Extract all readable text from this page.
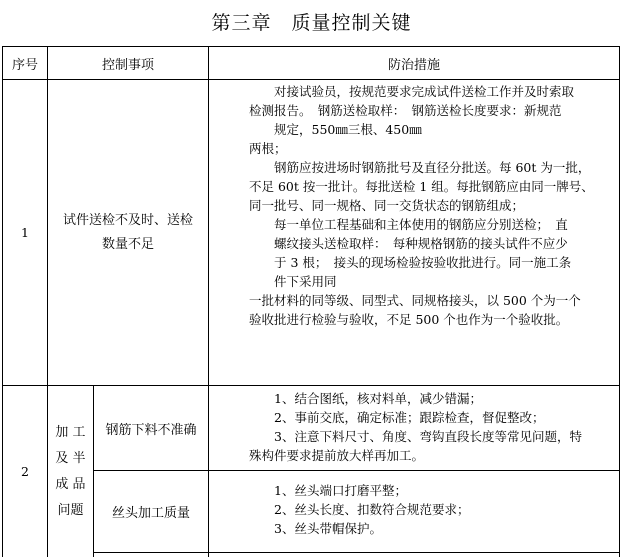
第三章　质量控制关键
序号	控制事项	防治措施
1
试件送检不及时、送检
数量不足
　　对接试验员，按规范要求完成试件送检工作并及时索取
检测报告。　钢筋送检取样：　钢筋送检长度要求：新规范
　　规定，550㎜三根、450㎜
两根；
　　钢筋应按进场时钢筋批号及直径分批送。每 60t 为一批，
不足 60t 按一批计。每批送检 1 组。每批钢筋应由同一牌号、
同一批号、同一规格、同一交货状态的钢筋组成；
　　每一单位工程基础和主体使用的钢筋应分别送检；　直
　　螺纹接头送检取样：　每种规格钢筋的接头试件不应少
　　于 3 根；　接头的现场检验按验收批进行。同一施工条
　　件下采用同
一批材料的同等级、同型式、同规格接头，以 500 个为一个
验收批进行检验与验收，不足 500 个也作为一个验收批。
2
加 工
及 半
成 品
问题
钢筋下料不准确
　　1、结合图纸，核对料单，减少错漏；
　　2、事前交底，确定标准；跟踪检查，督促整改；
　　3、注意下料尺寸、角度、弯钩直段长度等常见问题，特
殊构件要求提前放大样再加工。
丝头加工质量
　　1、丝头端口打磨平整；
　　2、丝头长度、扣数符合规范要求；
　　3、丝头带帽保护。
